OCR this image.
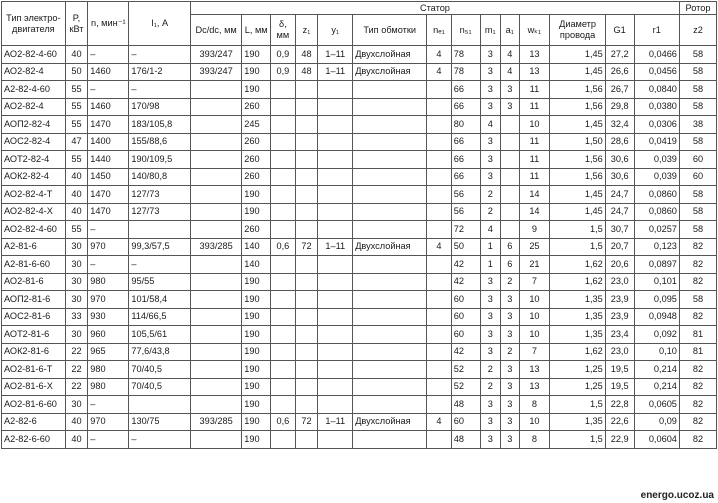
Тип электро-двигателя	P, кВт	n, мин⁻¹	I₁, А	Статор														Ротор
				Dc/dc, мм	L, мм	δ, мм	z₁	y₁	Тип обмотки	nₑ₁	n₅₁	m₁	a₁	wₖ₁	Диаметр провода	G1	r1	z2
АО2-82-4-60	40	–	–	393/247	190	0,9	48	1–11	Двухслойная	4	78	3	4	13	1,45	27,2	0,0466	58
АО2-82-4	50	1460	176/1-2	393/247	190	0,9	48	1–11	Двухслойная	4	78	3	4	13	1,45	26,6	0,0456	58
А2-82-4-60	55	–	–		190						66	3	3	11	1,56	26,7	0,0840	58
АО2-82-4	55	1460	170/98		260						66	3	3	11	1,56	29,8	0,0380	58
АОП2-82-4	55	1470	183/105,8		245						80	4		10	1,45	32,4	0,0306	38
АОС2-82-4	47	1400	155/88,6		260						66	3		11	1,50	28,6	0,0419	58
АОТ2-82-4	55	1440	190/109,5		260						66	3		11	1,56	30,6	0,039	60
АОК2-82-4	40	1450	140/80,8		260						66	3		11	1,56	30,6	0,039	60
АО2-82-4-Т	40	1470	127/73		190						56	2		14	1,45	24,7	0,0860	58
АО2-82-4-Х	40	1470	127/73		190						56	2		14	1,45	24,7	0,0860	58
АО2-82-4-60	55	–			260						72	4		9	1,5	30,7	0,0257	58
А2-81-6	30	970	99,3/57,5	393/285	140	0,6	72	1–11	Двухслойная	4	50	1	6	25	1,5	20,7	0,123	82
А2-81-6-60	30	–	–		140						42	1	6	21	1,62	20,6	0,0897	82
АО2-81-6	30	980	95/55		190						42	3	2	7	1,62	23,0	0,101	82
АОП2-81-6	30	970	101/58,4		190						60	3	3	10	1,35	23,9	0,095	58
АОС2-81-6	33	930	114/66,5		190						60	3	3	10	1,35	23,9	0,0948	82
АОТ2-81-6	30	960	105,5/61		190						60	3	3	10	1,35	23,4	0,092	81
АОК2-81-6	22	965	77,6/43,8		190						42	3	2	7	1,62	23,0	0,10	81
АО2-81-6-Т	22	980	70/40,5		190						52	2	3	13	1,25	19,5	0,214	82
АО2-81-6-Х	22	980	70/40,5		190						52	2	3	13	1,25	19,5	0,214	82
АО2-81-6-60	30	–			190						48	3	3	8	1,5	22,8	0,0605	82
А2-82-6	40	970	130/75	393/285	190	0,6	72	1–11	Двухслойная	4	60	3	3	10	1,35	22,6	0,09	82
А2-82-6-60	40	–	–		190						48	3	3	8	1,5	22,9	0,0604	82
energo.ucoz.ua
